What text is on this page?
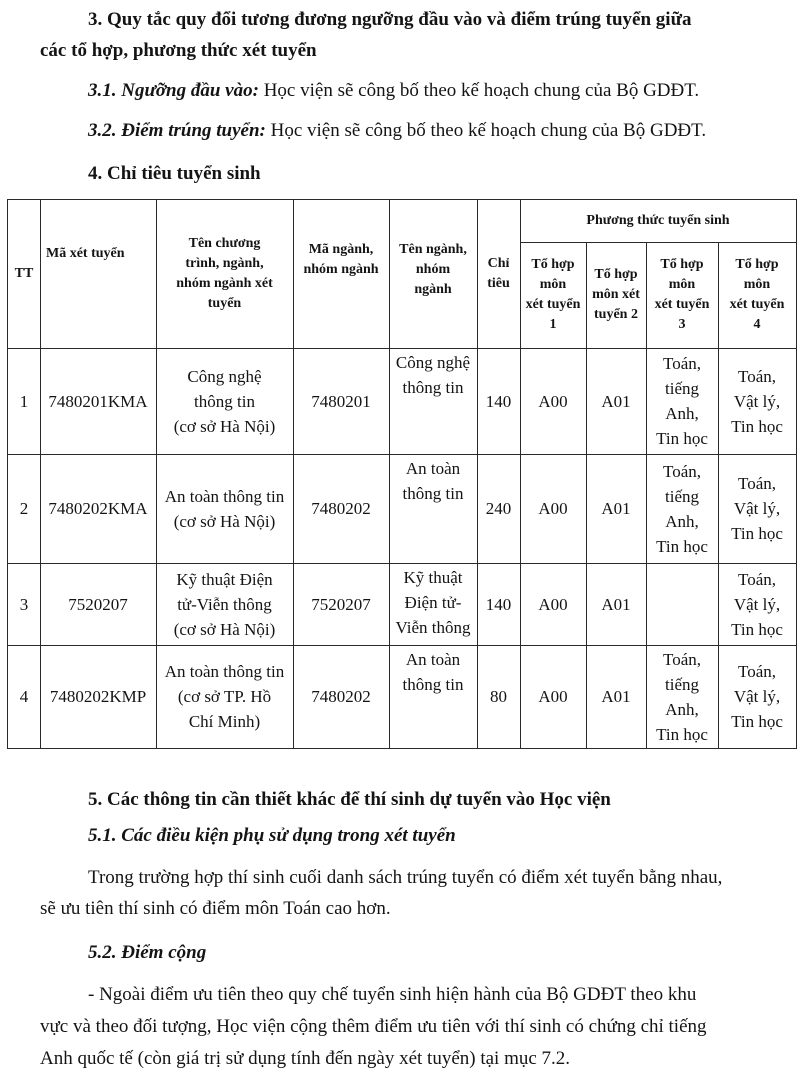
3. Quy tắc quy đổi tương đương ngưỡng đầu vào và điểm trúng tuyển giữa
các tổ hợp, phương thức xét tuyển
3.1. Ngưỡng đầu vào: Học viện sẽ công bố theo kế hoạch chung của Bộ GDĐT.
3.2. Điểm trúng tuyển: Học viện sẽ công bố theo kế hoạch chung của Bộ GDĐT.
4. Chỉ tiêu tuyển sinh
TT
Mã xét tuyển
Tên chương
trình, ngành,
nhóm ngành xét
tuyển
Mã ngành,
nhóm ngành
Tên ngành,
nhóm
ngành
Chỉ
tiêu
Phương thức tuyển sinh
Tổ hợp
môn
xét tuyển
1
Tổ hợp
môn xét
tuyển 2
Tổ hợp
môn
xét tuyển
3
Tổ hợp
môn
xét tuyển
4
1 7480201KMA
Công nghệ
thông tin
(cơ sở Hà Nội)
7480201
Công nghệ
thông tin
140 A00 A01
Toán,
tiếng
Anh,
Tin học
Toán,
Vật lý,
Tin học
2 7480202KMA
An toàn thông tin
(cơ sở Hà Nội)
7480202
An toàn
thông tin
240 A00 A01
Toán,
tiếng
Anh,
Tin học
Toán,
Vật lý,
Tin học
3 7520207
Kỹ thuật Điện
tử-Viễn thông
(cơ sở Hà Nội)
7520207
Kỹ thuật
Điện tử-
Viễn thông
140 A00 A01
Toán,
Vật lý,
Tin học
4 7480202KMP
An toàn thông tin
(cơ sở TP. Hồ
Chí Minh)
7480202
An toàn
thông tin
80 A00 A01
Toán,
tiếng
Anh,
Tin học
Toán,
Vật lý,
Tin học
5. Các thông tin cần thiết khác để thí sinh dự tuyển vào Học viện
5.1. Các điều kiện phụ sử dụng trong xét tuyển
Trong trường hợp thí sinh cuối danh sách trúng tuyển có điểm xét tuyển bằng nhau,
sẽ ưu tiên thí sinh có điểm môn Toán cao hơn.
5.2. Điểm cộng
- Ngoài điểm ưu tiên theo quy chế tuyển sinh hiện hành của Bộ GDĐT theo khu
vực và theo đối tượng, Học viện cộng thêm điểm ưu tiên với thí sinh có chứng chỉ tiếng
Anh quốc tế (còn giá trị sử dụng tính đến ngày xét tuyển) tại mục 7.2.
